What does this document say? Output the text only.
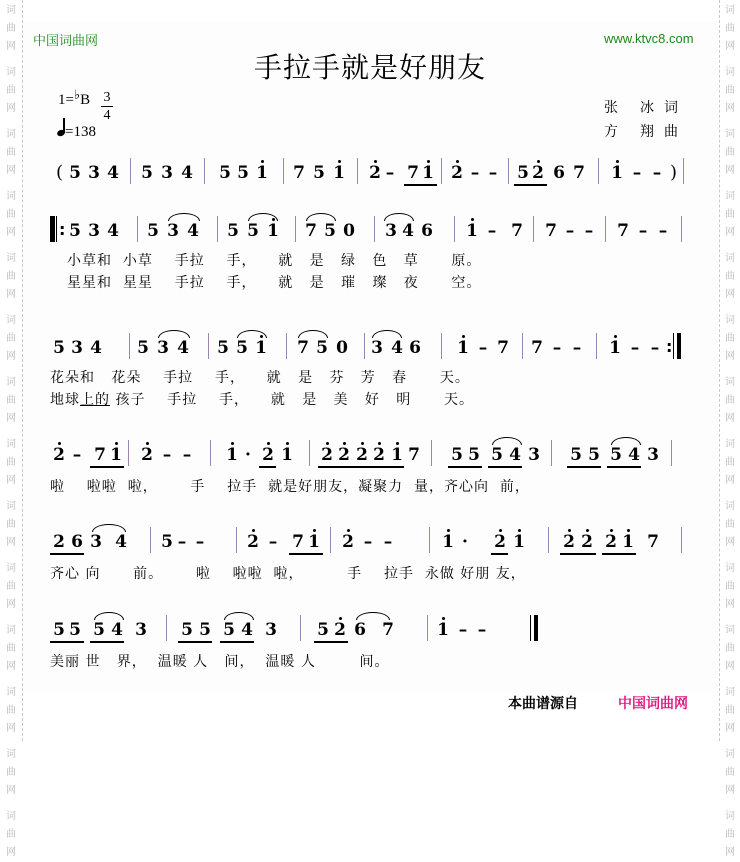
词
曲
网
词
曲
网
词
曲
网
词
曲
网
词
曲
网
词
曲
网
词
曲
网
词
曲
网
词
曲
网
词
曲
网
词
曲
网
词
曲
网
词
曲
网
词
曲
网
词
曲
网
词
曲
网
词
曲
网
词
曲
网
词
曲
网
词
曲
网
词
曲
网
词
曲
网
词
曲
网
词
曲
网
词
曲
网
词
曲
网
词
曲
网
词
曲
网
中国词曲网	www.ktvc8.com
手拉手就是好朋友
1=♭B 3
4
=138
张 冰 词
方 翔 曲
( 5 3 4 5 3 4 5 5 1 7 5 1 2 – 7 1 2 – – 5 2 6 7 1 – – )
: 5 3 4 5 3 4 5 5 1 7 5 0 3 4 6 1 – 7 7 – – 7 – –
小草和  小草    手拉    手，    就   是   绿   色   草      原。
星星和  星星    手拉    手，    就   是   璀   璨   夜      空。
5 3 4 5 3 4 5 5 1 7 5 0 3 4 6 1 – 7 7 – – 1 – – :
花朵和   花朵    手拉    手，    就   是   芬   芳   春      天。
地球上的 孩子    手拉    手，    就   是   美   好   明      天。
2 – 7 1 2 – – 1 · 2 1 2 2 2 2 1 7 5 5 5 4 3 5 5 5 4 3
啦    啦啦  啦，      手    拉手  就是好朋友，凝聚力  量，齐心向  前，
2 6 3 4 5 – –	2 – 7 1 2 – –	1 · 2 1 2 2 2 1 7
齐心 向      前。      啦    啦啦  啦，        手    拉手  永做 好朋 友，
5 5 5 4 3 5 5 5 4 3 5 2 6 7	1 – –
美丽 世   界，  温暖 人   间，  温暖 人        间。
本曲谱源自	中国词曲网
